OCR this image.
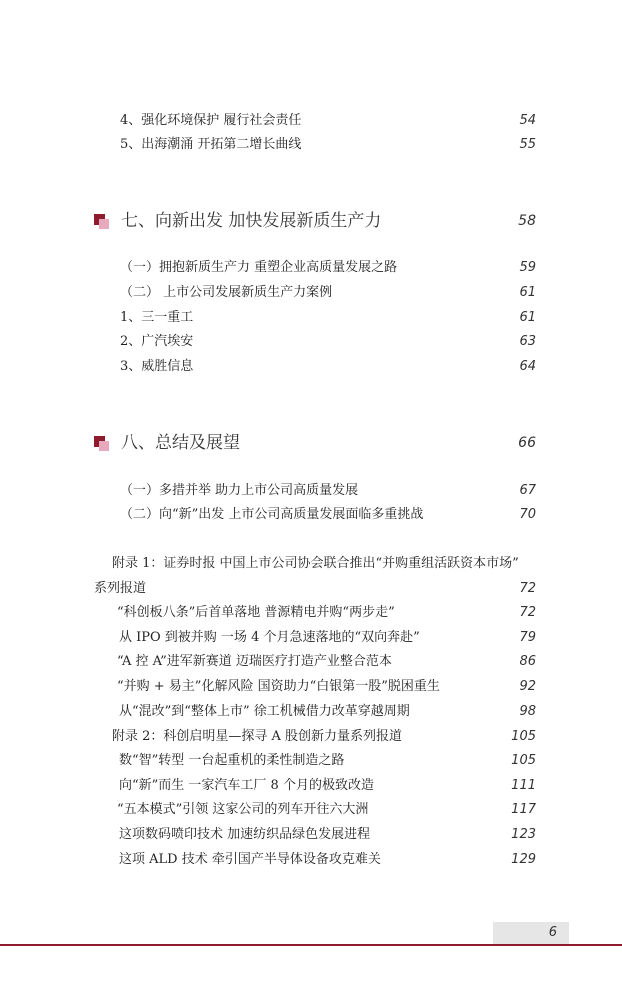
4、强化环境保护 履行社会责任	54
5、出海潮涌 开拓第二增长曲线	55
七、向新出发 加快发展新质生产力	58
（一）拥抱新质生产力 重塑企业高质量发展之路	59
（二） 上市公司发展新质生产力案例	61
1、三一重工	61
2、广汽埃安	63
3、威胜信息	64
八、总结及展望	66
（一）多措并举 助力上市公司高质量发展	67
（二）向“新”出发 上市公司高质量发展面临多重挑战	70
附录 1：证券时报 中国上市公司协会联合推出“并购重组活跃资本市场”
系列报道	72
“科创板八条”后首单落地 普源精电并购“两步走”	72
从 IPO 到被并购 一场 4 个月急速落地的“双向奔赴”	79
“A 控 A”进军新赛道 迈瑞医疗打造产业整合范本	86
“并购 + 易主”化解风险 国资助力“白银第一股”脱困重生	92
从“混改”到“整体上市” 徐工机械借力改革穿越周期	98
附录 2：科创启明星—探寻 A 股创新力量系列报道	105
数“智”转型 一台起重机的柔性制造之路	105
向“新”而生 一家汽车工厂 8 个月的极致改造	111
“五本模式”引领 这家公司的列车开往六大洲	117
这项数码喷印技术 加速纺织品绿色发展进程	123
这项 ALD 技术 牵引国产半导体设备攻克难关	129
6
